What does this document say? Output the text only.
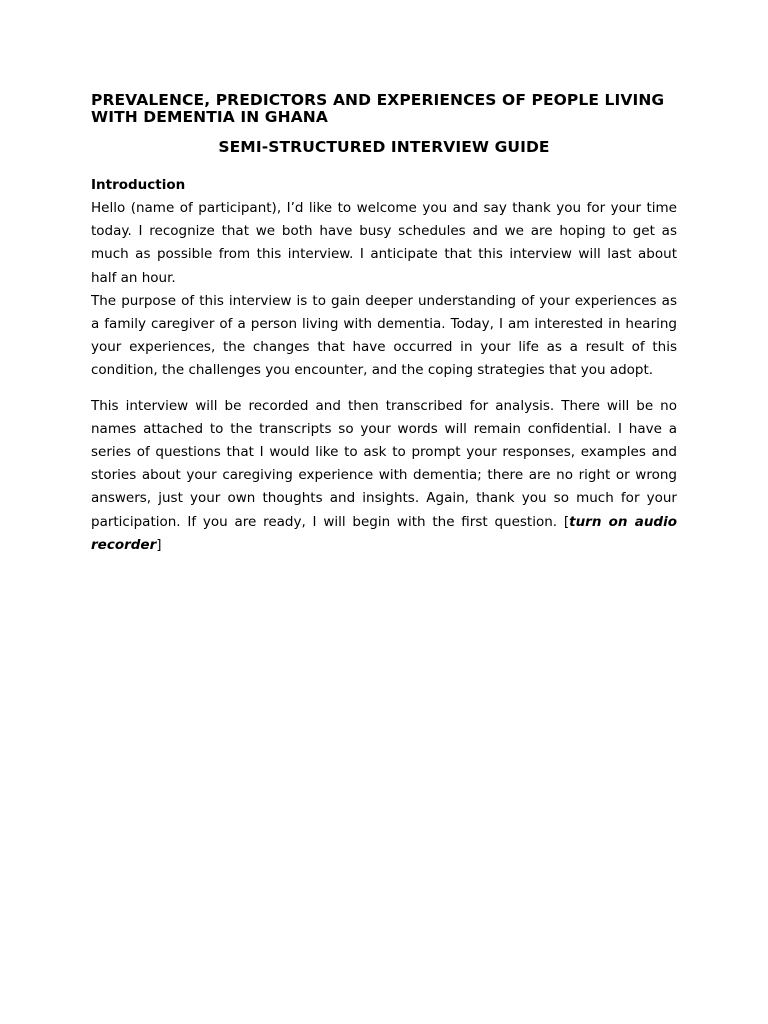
PREVALENCE, PREDICTORS AND EXPERIENCES OF PEOPLE LIVING WITH DEMENTIA IN GHANA
SEMI-STRUCTURED INTERVIEW GUIDE
Introduction

Hello (name of participant), I’d like to welcome you and say thank you for your time today. I recognize that we both have busy schedules and we are hoping to get as much as possible from this interview. I anticipate that this interview will last about half an hour.

The purpose of this interview is to gain deeper understanding of your experiences as a family caregiver of a person living with dementia. Today, I am interested in hearing your experiences, the changes that have occurred in your life as a result of this condition, the challenges you encounter, and the coping strategies that you adopt.

This interview will be recorded and then transcribed for analysis. There will be no names attached to the transcripts so your words will remain confidential. I have a series of questions that I would like to ask to prompt your responses, examples and stories about your caregiving experience with dementia; there are no right or wrong answers, just your own thoughts and insights. Again, thank you so much for your participation. If you are ready, I will begin with the first question. [turn on audio recorder]
